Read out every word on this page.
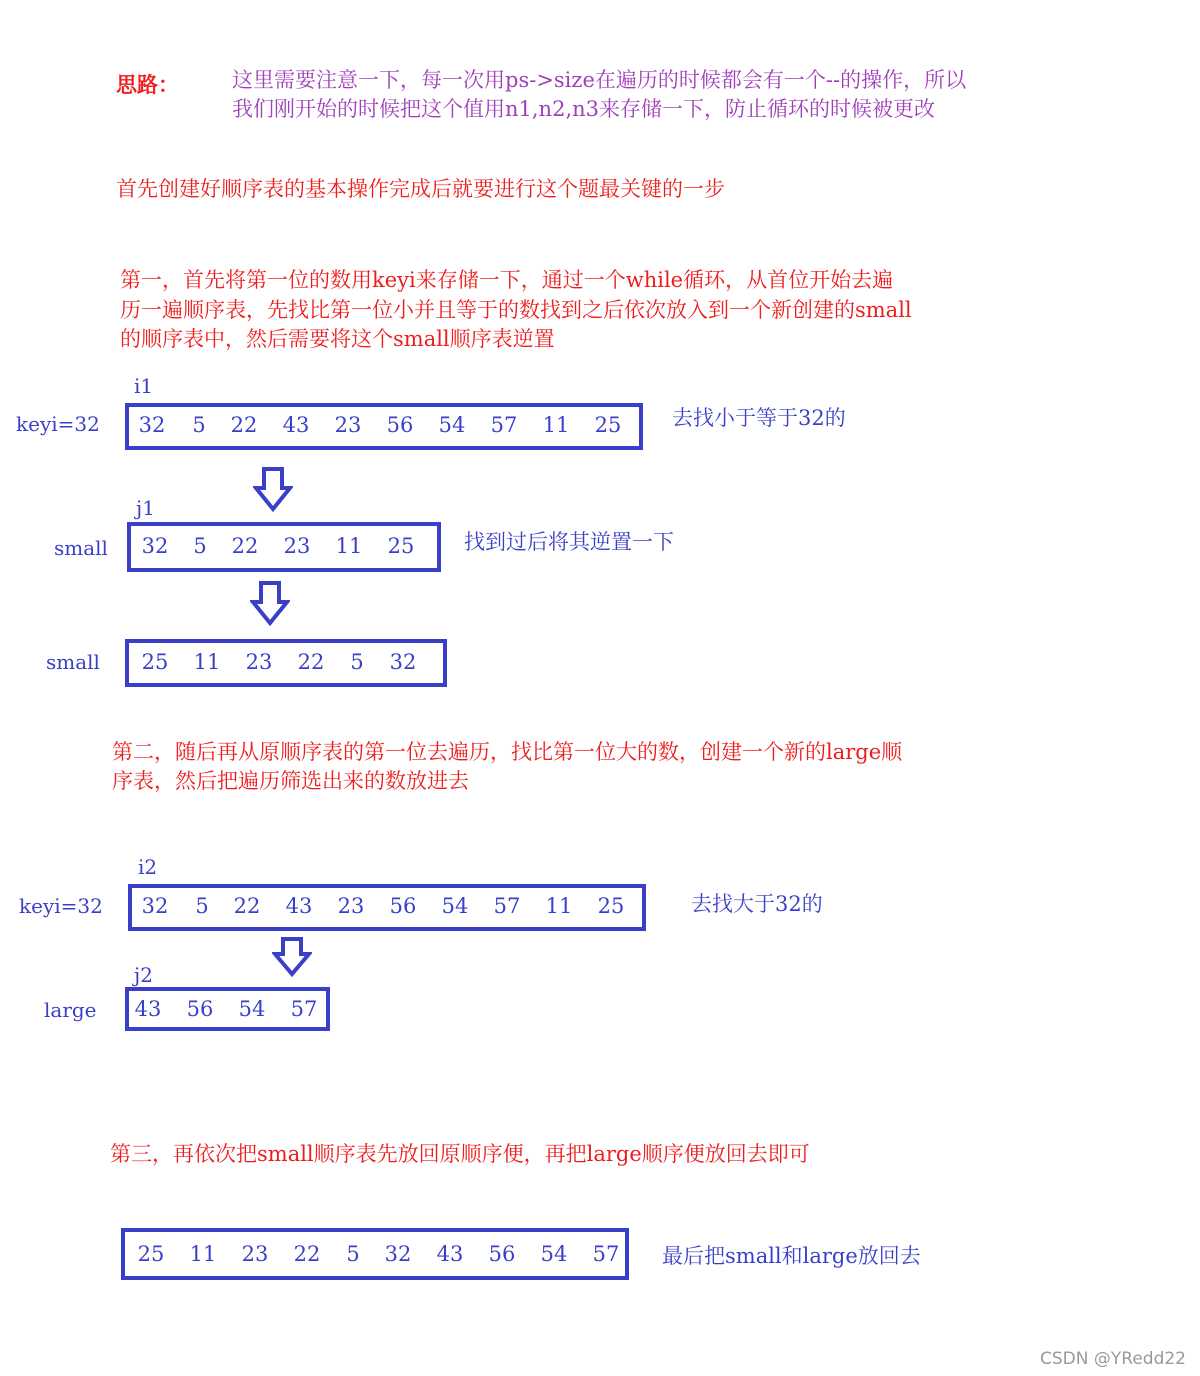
思路：	这里需要注意一下，每一次用ps->size在遍历的时候都会有一个--的操作，所以
我们刚开始的时候把这个值用n1,n2,n3来存储一下，防止循环的时候被更改
首先创建好顺序表的基本操作完成后就要进行这个题最关键的一步
第一，首先将第一位的数用keyi来存储一下，通过一个while循环，从首位开始去遍
历一遍顺序表，先找比第一位小并且等于的数找到之后依次放入到一个新创建的small
的顺序表中，然后需要将这个small顺序表逆置
i1
keyi=32	32	5	22	43	23	56	54	57	11	25	去找小于等于32的
j1
small	32	5	22	23	11	25	找到过后将其逆置一下
small	25	11	23	22	5	32
第二，随后再从原顺序表的第一位去遍历，找比第一位大的数，创建一个新的large顺
序表，然后把遍历筛选出来的数放进去
i2
keyi=32	32	5	22	43	23	56	54	57	11	25	去找大于32的
j2
large	43	56	54	57
第三，再依次把small顺序表先放回原顺序便，再把large顺序便放回去即可
25	11	23	22	5	32	43	56	54	57	最后把small和large放回去
CSDN @YRedd22
